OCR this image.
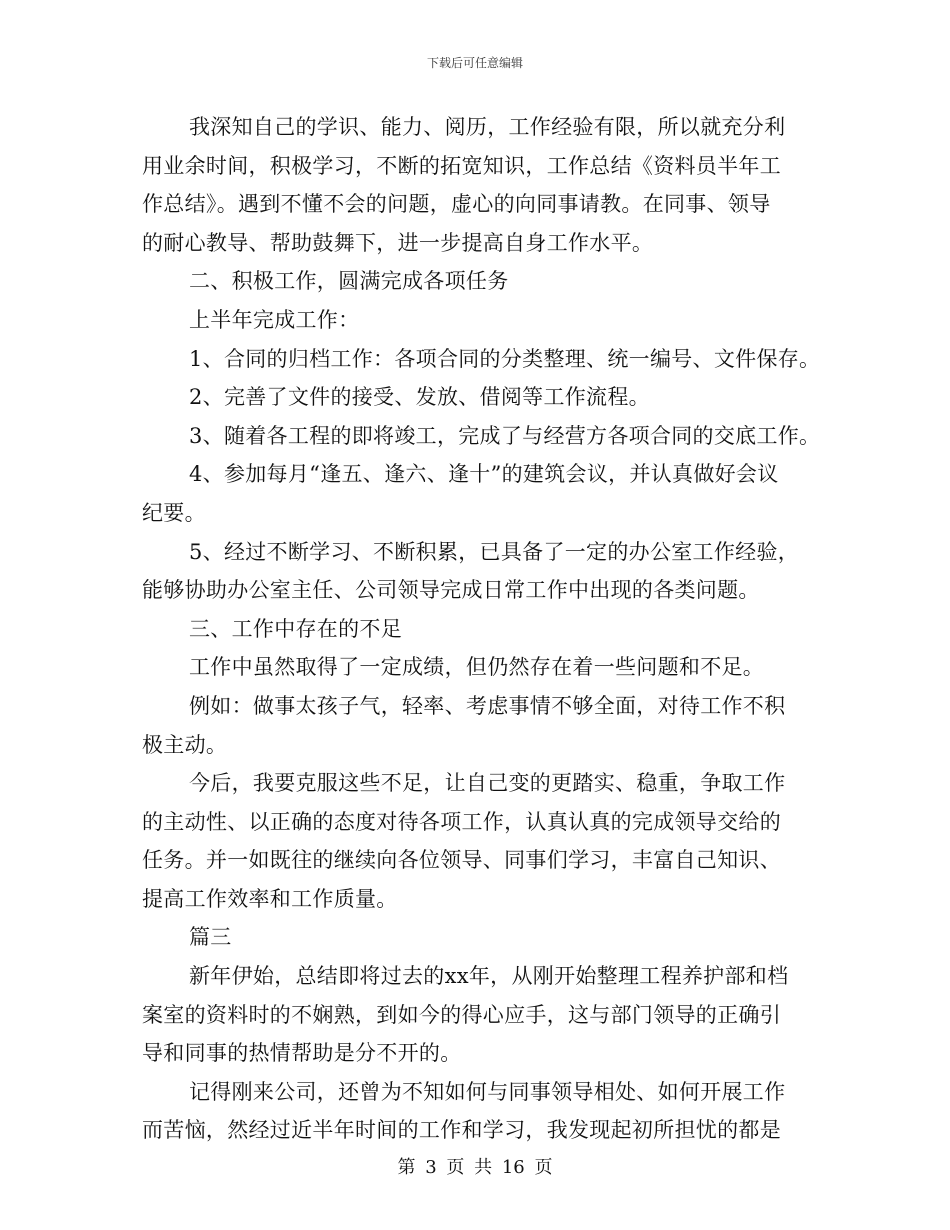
下载后可任意编辑
我深知自己的学识、能力、阅历，工作经验有限，所以就充分利
用业余时间，积极学习，不断的拓宽知识，工作总结《资料员半年工
作总结》。遇到不懂不会的问题，虚心的向同事请教。在同事、领导
的耐心教导、帮助鼓舞下，进一步提高自身工作水平。
二、积极工作，圆满完成各项任务
上半年完成工作：
1、合同的归档工作：各项合同的分类整理、统一编号、文件保存。
2、完善了文件的接受、发放、借阅等工作流程。
3、随着各工程的即将竣工，完成了与经营方各项合同的交底工作。
4、参加每月“逢五、逢六、逢十”的建筑会议，并认真做好会议
纪要。
5、经过不断学习、不断积累，已具备了一定的办公室工作经验，
能够协助办公室主任、公司领导完成日常工作中出现的各类问题。
三、工作中存在的不足
工作中虽然取得了一定成绩，但仍然存在着一些问题和不足。
例如：做事太孩子气，轻率、考虑事情不够全面，对待工作不积
极主动。
今后，我要克服这些不足，让自己变的更踏实、稳重，争取工作
的主动性、以正确的态度对待各项工作，认真认真的完成领导交给的
任务。并一如既往的继续向各位领导、同事们学习，丰富自己知识、
提高工作效率和工作质量。
篇三
新年伊始，总结即将过去的xx年，从刚开始整理工程养护部和档
案室的资料时的不娴熟，到如今的得心应手，这与部门领导的正确引
导和同事的热情帮助是分不开的。
记得刚来公司，还曾为不知如何与同事领导相处、如何开展工作
而苦恼，然经过近半年时间的工作和学习，我发现起初所担忧的都是
第 3 页 共 16 页
